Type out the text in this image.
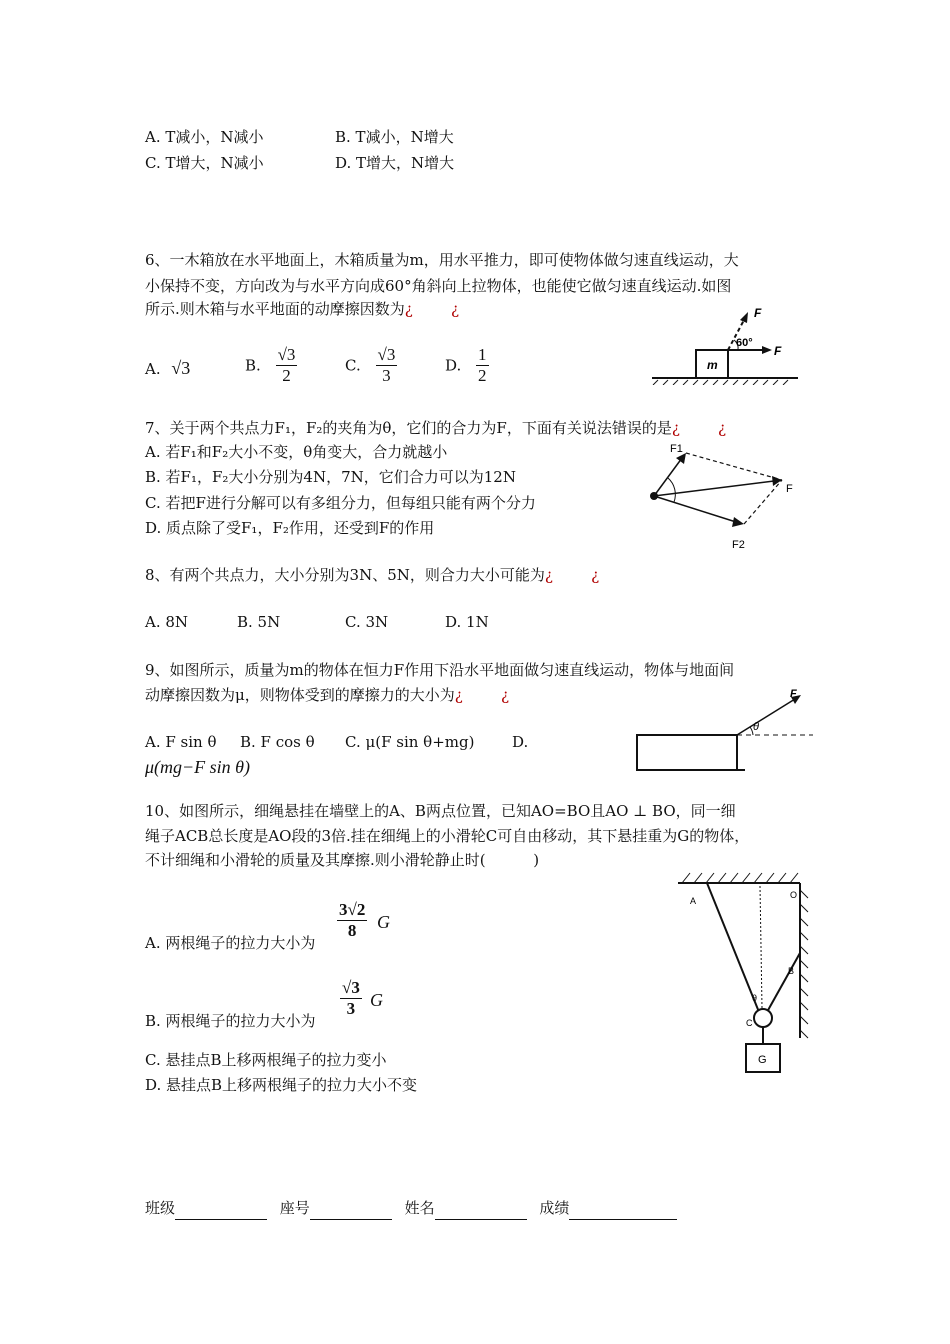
A. T减小，N减小	B. T减小，N增大
C. T增大，N减小	D. T增大，N增大
6、一木箱放在水平地面上，木箱质量为m，用水平推力，即可使物体做匀速直线运动，大
小保持不变，方向改为与水平方向成60°角斜向上拉物体，也能使它做匀速直线运动.如图
所示.则木箱与水平地面的动摩擦因数为¿        ¿
A. √3	B. $\frac{√3}{2}$	C. $\frac{√3}{3}$	D. $\frac{1}{2}$	m
F
F
60°
7、关于两个共点力F₁，F₂的夹角为θ，它们的合力为F，下面有关说法错误的是¿        ¿
A. 若F₁和F₂大小不变，θ角变大，合力就越小
B. 若F₁，F₂大小分别为4N，7N，它们合力可以为12N
C. 若把F进行分解可以有多组分力，但每组只能有两个分力
D. 质点除了受F₁，F₂作用，还受到F的作用
F1
F
F2
8、有两个共点力，大小分别为3N、5N，则合力大小可能为¿        ¿
A. 8N	B. 5N	C. 3N	D. 1N
9、如图所示，质量为m的物体在恒力F作用下沿水平地面做匀速直线运动，物体与地面间
动摩擦因数为μ，则物体受到的摩擦力的大小为¿        ¿
A. F sin θ B. F cos θ C. μ(F sin θ+mg)	D.
μ(mg−F sin θ)
θ
F
10、如图所示，细绳悬挂在墙壁上的A、B两点位置，已知AO=BO且AO ⊥ BO，同一细
绳子ACB总长度是AO段的3倍.挂在细绳上的小滑轮C可自由移动，其下悬挂重为G的物体，
不计细绳和小滑轮的质量及其摩擦.则小滑轮静止时(          )
A. 两根绳子的拉力大小为
$\frac{3√2}{8}$ G
B. 两根绳子的拉力大小为
$\frac{√3}{3}$ G
C. 悬挂点B上移两根绳子的拉力变小
D. 悬挂点B上移两根绳子的拉力大小不变
G
A
O
B
C
θ
班级	座号	姓名	成绩
